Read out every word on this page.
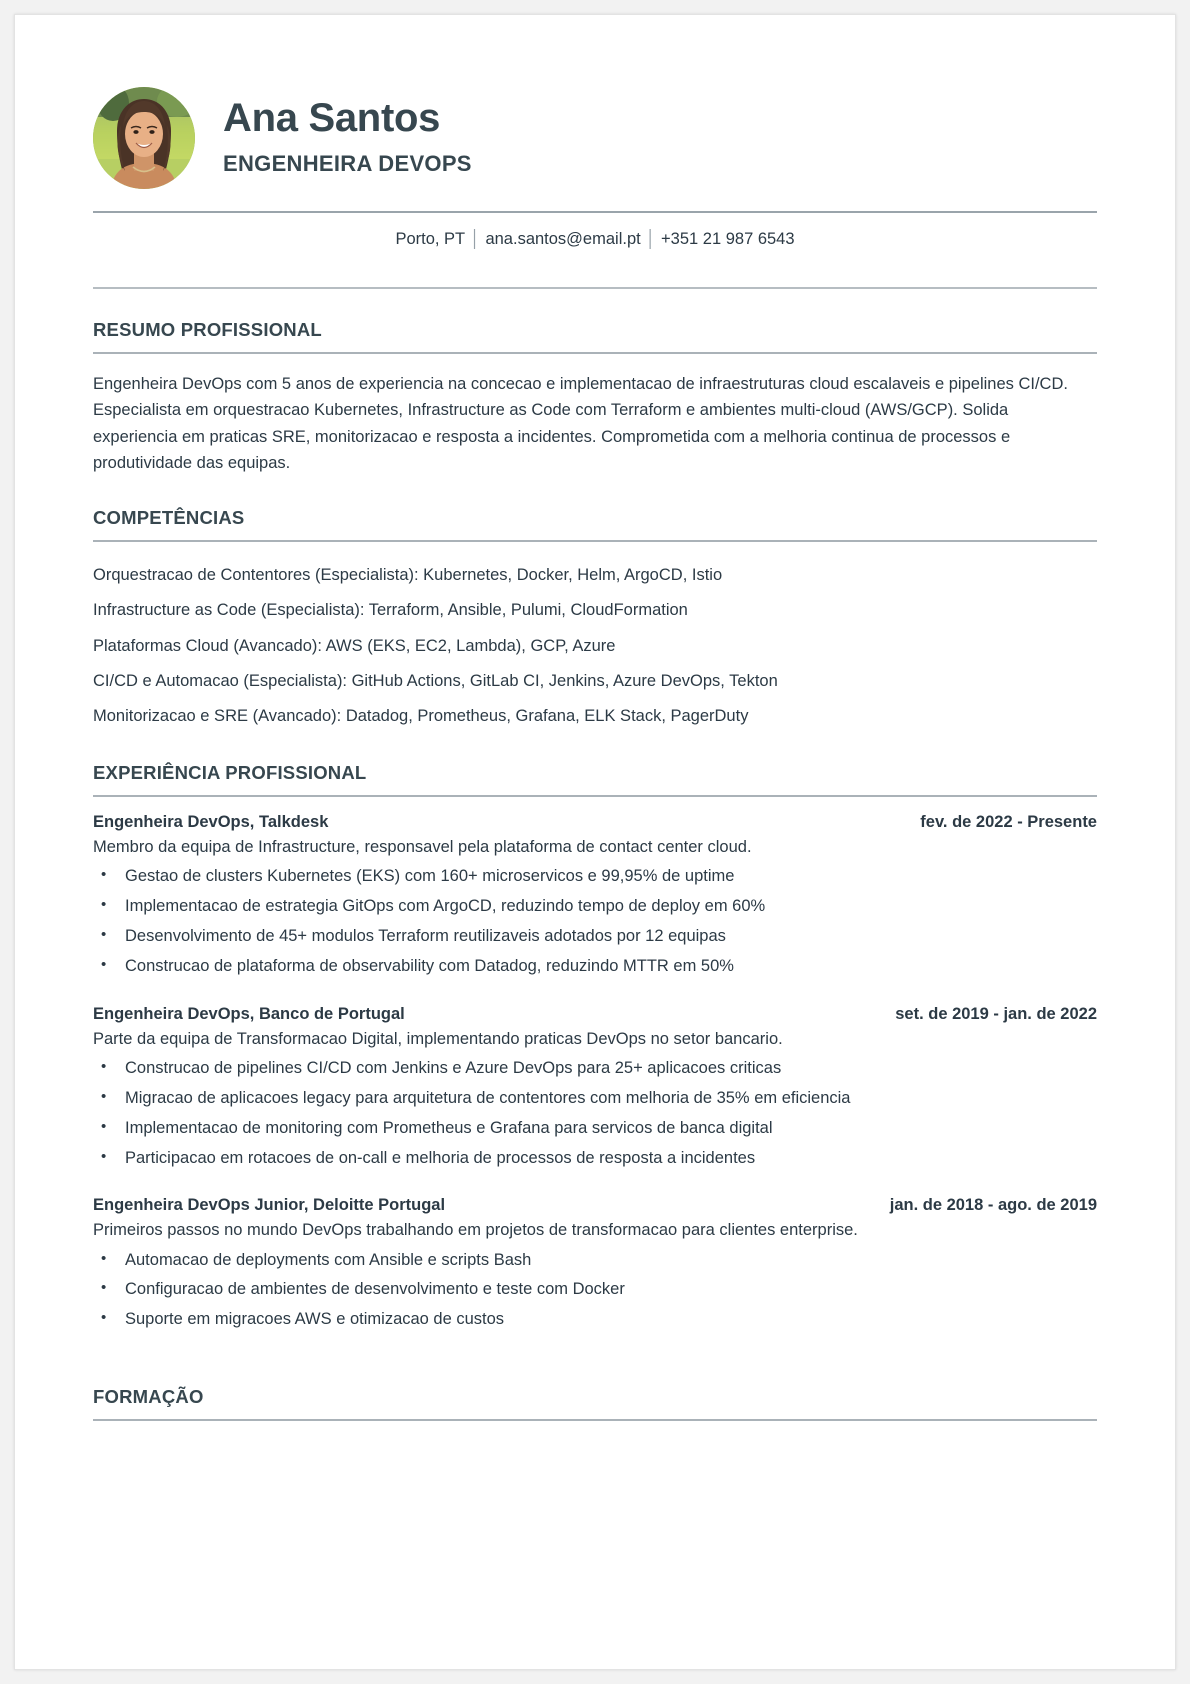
Ana Santos
ENGENHEIRA DEVOPS
Porto, PT │ ana.santos@email.pt │ +351 21 987 6543
RESUMO PROFISSIONAL

Engenheira DevOps com 5 anos de experiencia na concecao e implementacao de infraestruturas cloud escalaveis e pipelines CI/CD. Especialista em orquestracao Kubernetes, Infrastructure as Code com Terraform e ambientes multi-cloud (AWS/GCP). Solida experiencia em praticas SRE, monitorizacao e resposta a incidentes. Comprometida com a melhoria continua de processos e produtividade das equipas.

COMPETÊNCIAS
Orquestracao de Contentores (Especialista): Kubernetes, Docker, Helm, ArgoCD, Istio
Infrastructure as Code (Especialista): Terraform, Ansible, Pulumi, CloudFormation
Plataformas Cloud (Avancado): AWS (EKS, EC2, Lambda), GCP, Azure
CI/CD e Automacao (Especialista): GitHub Actions, GitLab CI, Jenkins, Azure DevOps, Tekton
Monitorizacao e SRE (Avancado): Datadog, Prometheus, Grafana, ELK Stack, PagerDuty
EXPERIÊNCIA PROFISSIONAL
Engenheira DevOps, Talkdesk	fev. de 2022 - Presente
Membro da equipa de Infrastructure, responsavel pela plataforma de contact center cloud.
• Gestao de clusters Kubernetes (EKS) com 160+ microservicos e 99,95% de uptime
• Implementacao de estrategia GitOps com ArgoCD, reduzindo tempo de deploy em 60%
• Desenvolvimento de 45+ modulos Terraform reutilizaveis adotados por 12 equipas
• Construcao de plataforma de observability com Datadog, reduzindo MTTR em 50%
Engenheira DevOps, Banco de Portugal	set. de 2019 - jan. de 2022
Parte da equipa de Transformacao Digital, implementando praticas DevOps no setor bancario.
• Construcao de pipelines CI/CD com Jenkins e Azure DevOps para 25+ aplicacoes criticas
• Migracao de aplicacoes legacy para arquitetura de contentores com melhoria de 35% em eficiencia
• Implementacao de monitoring com Prometheus e Grafana para servicos de banca digital
• Participacao em rotacoes de on-call e melhoria de processos de resposta a incidentes
Engenheira DevOps Junior, Deloitte Portugal	jan. de 2018 - ago. de 2019
Primeiros passos no mundo DevOps trabalhando em projetos de transformacao para clientes enterprise.
• Automacao de deployments com Ansible e scripts Bash
• Configuracao de ambientes de desenvolvimento e teste com Docker
• Suporte em migracoes AWS e otimizacao de custos
FORMAÇÃO
